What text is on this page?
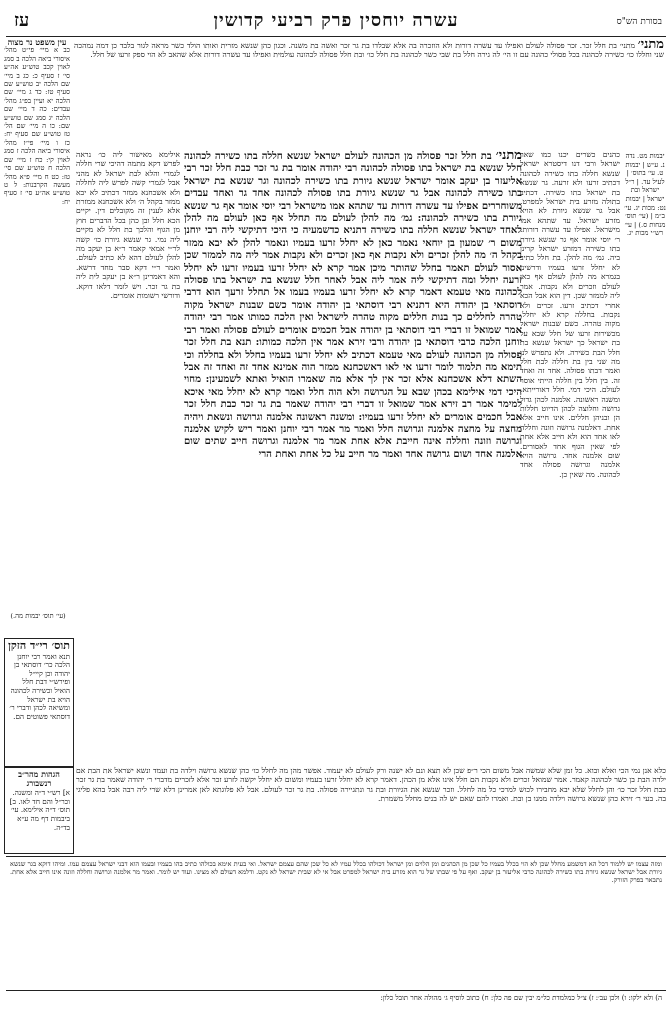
בסורת הש"ס
עשרה יוחסין פרק רביעי קדושין
עז
עין משפט נר מצוה
כב א מיי׳ פי״ט מהל׳ איסורי ביאה הלכה ב סמג לאוין קכב טוש״ע אה״ע סי׳ ז סעיף כ: כג ב מיי׳ שם הלכה יב טוש״ע שם סעיף טז: כד ג מיי׳ שם הלכה יא ועיין בפ״ג מהל׳ עבדים: כה ד מיי׳ שם הלכה יג סמג שם טוש״ע שם: כו ה מיי׳ שם הל׳ טז טוש״ע שם סעיף יח: כז ו מיי׳ פי״ז מהל׳ איסורי ביאה הלכה ז סמג לאוין קי: כח ז מיי׳ שם הלכה ח טוש״ע שם סי׳ טז: כט ח מיי׳ פ״א מהל׳ מעשה הקרבנות: ל ט טוש״ע אה״ע סי׳ ז סעיף יח:
מתני׳ מתני׳ בת חלל זכר. זכר פסולה לעולם ואפילו עד עשרה דורות ולא הוזכרה בה אלא שבלדו בת גר זכר ואשה בת משנה. וכגון כהן שנשא מזרית ואותו הולד כשר מראה לגור בלבד כן דמה נמהכה שני וחללו כו׳ כשירה לכהונה בכל פסולי כהונה עם זו הי׳ לה גירה חלל בת שבי כשר לכהונה בת חלל כו׳ ובת חלל פסולה לכהונה עולמית ואפילו עד עשרה דורות אלא שהאב לא הוי ספק זרעו של חלל.
יבמות מט. נדה נ. ע״ש | יבמות ט. עי׳ בתוס׳ | לעיל עד. | ר״ל ישראל ובת ישראל | יבמות נט: מכות יג. עי׳ ב״מ | (עי׳ תוס׳ מנחות ס.) | עי׳ רש״י מכות יג.
כהנים כשרים יכנו כמו שאר ישראל ורבי דנו דיסטרא ישראל שנשא חללה בתו כשירה לכהונה דכתיב זרעו ולא זרעה. גר שנשא בת ישראל בתו כשירה. דכתיב בתולה מזרע בית ישראל למפרט. אבל גר שנשא גיורת לא הויא מזרע ישראל. עד שתהא אמו מישראל. אפילו עד עשרה דורות. ר׳ יוסי אומר אף גר שנשא גיורת בתו כשירה דמזרע ישראל קרינן ביה. גמ׳ מה להלן. בת חלל כתיב לא יחלל זרעו בעמיו ודרשינן בגמרא מה להלן לעולם אף כאן לעולם וזכרים ולא נקבות. אמר ליה לממזר שכן. דין הוא אבל הכא אחרי דכתיב זרעו. זכרים ולא נקבות. בחללה קרא לא יחלל. מקוה טהרה. כשם שבנות ישראל מכשירות זרעו של חלל שבא על בת ישראל כך ישראל שנשא בת חלל הבת כשירה. ולא נתפרש לנו מה שני בין בת חללה לבת חלל ואמר דבתו פסולה. אחד זה ואחד זה. בין חלל בין חללה הייתי אוסר לעולם. היכי דמי. חלל דאורייתא. ומשנה ראשונה. אלמנה לכהן גדול גרושה וחלוצה לכהן הדיוט חללות הן ובניהן חללים. אינו חייב אלא אחת. דאלמנה גרושה וזונה וחללה לאו אחד הוא ולא חייב אלא אחת לפי שאין הגוף אחד לאסורים. שום אלמנה אחד. גרושה הויא אלמנה וגרושה פסולה אחד לכהונה. מה שאין כן.
מתני׳ בת חלל זכר פסולה מן הכהונה לעולם ישראל שנשא חללה בתו כשירה לכהונה חלל שנשא בת ישראל בתו פסולה לכהונה רבי יהודה אומר בת גר זכר כבת חלל זכר רבי אליעזר בן יעקב אומר ישראל שנשא גיורת בתו כשירה לכהונה וגר שנשא בת ישראל בתו כשירה לכהונה אבל גר שנשא גיורת בתו פסולה לכהונה אחד גר ואחד עבדים משוחררים אפילו עד עשרה דורות עד שתהא אמו מישראל רבי יוסי אומר אף גר שנשא גיורת בתו כשירה לכהונה: גמ׳ מה להלן לעולם מה תחלל אף כאן לעולם מה להלן לאחד ישראל שנשא חללה בתו כשירה דתניא כדשמעיה כי היכי דתיקשי ליה רבי יוחנן משום ר׳ שמעון בן יוחאי נאמר כאן לא יחלל זרעו בעמיו ונאמר להלן לא יבא ממזר בקהל ה׳ מה להלן זכרים ולא נקבות אף כאן זכרים ולא נקבות אמר ליה מה לממזר שכן אסור לעולם תאמר בחלל שהותר מיכן אמר קרא לא יחלל זרעו בעמיו זרעו לא יחלל זרעה יחלל ומה דתיקשי ליה אמר ליה אבל לאחר חלל שנשא בת ישראל בתו פסולה לכהונה מאי טעמא דאמר קרא לא יחלל זרעו בעמיו בעמו אל תחלל זרעך הוא דרבי דוסתאי בן יהודה היא דתניא רבי דוסתאי בן יהודה אומר כשם שבנות ישראל מקוה טהרה לחללים כך בנות חללים מקוה טהרה לישראל ואין הלכה כמותו אמר רבי יהודה אמר שמואל זו דברי רבי דוסתאי בן יהודה אבל חכמים אומרים לעולם פסולה ואמר רבי יוחנן הלכה כרבי דוסתאי בן יהודה ורבי זירא אמר אין הלכה כמותו: תנא בת חלל זכר פסולה מן הכהונה לעולם מאי טעמא דכתיב לא יחלל זרעו בעמיו בחלל ולא בחללה וכי תימא מה תלמוד לומר זרעו אי לאו דאשכחנא ממזר הוה אמינא אחד זה ואחד זה אבל השתא דלא אשכחנא אלא זכר אין לך אלא מה שאמרו הואיל ואתא לשמעינן: מחוי היכי דמי אילימא בכהן שבא על הגרושה ולא הוה חלל ואמר קרא לא יחלל מאי איכא למימר אמר רב זירא אמר שמואל זו דברי רבי יהודה שאמר בת גר זכר כבת חלל זכר אבל חכמים אומרים לא יחלל זרעו בעמיו: ומשנה ראשונה אלמנה וגרושה ונשאת ויהיה מחצה על מחצה אלמנה וגרושה חלל ואמר מר אמר רבי יוחנן ואמר ריש לקיש אלמנה וגרושה וזונה וחללה אינה חייבת אלא אחת אמר מר אלמנה וגרושה חייב שתים שום אלמנה אחד ושום גרושה אחד ואמר מר חייב על כל אחת ואחת הרי
אילימא מאישור ליה כו׳ נראה לפרש דקא מתמה דהיכי שרי חללה לגמרי והלא לבת ישראל לא מהני אבל לגמרי קשה לפרש ליה לחללה ולא אשכחנא ממזר דכתיב לא יבא ממזר בקהל ה׳ ולא אשכחנא ממזרת אלא לענין זה מקובלים דין. יקיים הכא חלל ובן כהן בכל הדברים חוץ מן הגוף והלכך בת חלל לא מקיים ליה נמי. גר שנשא גיורת כו׳ קשה לר״י אמאי קאמר ר״א בן יעקב מה להלן לעולם דהא לא כתיב לעולם. ואמר ר״י דקא סבר מחד דרשא. והא דאמרינן ר״א בן יעקב לית ליה בת גר זכר. ויש לומר דלאו דוקא. ודורשי רשומות אומרים.
(עי׳ תוס׳ יבמות מה.)
תוס׳ רי״ד הזקן
תנא ואמר רבי יוחנן הלכה כר׳ דוסתאי בן יהודה וכן קיי״ל ופירש״י דבת חלל הואיל וכשירה לכהונה הויא בת ישראל ומשיאה לכהן ודברי ר׳ דוסתאי פשוטים הם.
כלא אנן נמי הכי ואלא ובוא. כל זמן שלא שמשה אבל משום הכי ר״פ שכן לא תצא ונם לא ישנה ורק לעולם לא יעמוד. אפשר מהן מה לחלל כו׳ כהן שנשא גרושה וילדה בת ועמד ונשא ישראל את הבת אם ילדה הבת בן כשר לכהונה קאמר. אמר שמואל זכרים ולא נקבות הם חלל אינו אלא מן הכהן. דאמר קרא לא יחלל זרעו בעמיו ומשום לא יחלל יקשה לזרע זכר אלא לזכרים מדברי ר׳ יהודה שאמר בת גר זכר כבת חלל זכר כו׳ והן לחלל שלא יבא מחבירו לכוש למרכי כל מה לחלל. וזכר שנשא את הגיורת ובת גר ונתגיירה פסולה. בת גר זכר לעולם. אבל לא פלוגתא לאן אמרינן דלא שרי ליה רבה אבל בהא פליגי בה. בעי ר׳ זירא כהן שנשא גרושה וילדה ממנו בן ובת. ואמרו להם שאם יש לה בנים מחלל משמרת.
הגהות מהר״ב רנשבורג
א] רש״י ד״ה ומשנה. וכר״ל והם חד לאו. ב] תוס׳ ד״ה אילימא. עי׳ ביבמות דף מה ע״א בד״ה.
ומזה עצמו יש ללמוד דכל הא דמשמע מחלל שכן לא הוי בכלל בעמיו כל שכן מן הכהנים ומן הלוים ומן ישראל דכולהו בכלל עמיו לא כל שכן שהם עצמם ישראל. ואי בעית אימא בכולהו כתיב בהו בעמיו ובעמו הוא דבני ישראל עצמם עמו. ומיהו דוקא בגר שנשא גיורת אבל ישראל שנשא גיורת בתו כשירה לכהונה כרבי אליעזר בן יעקב. ואף על פי שבתו של גר הוא מזרע בית ישראל למפרט אבל אי לא שבית ישראל לא נקט. ודלמא דעולם לא מצינו. ועוד יש לומר. ואמר מר אלמנה וגרושה וחללה וזונה אינו חייב אלא אחת. נתבאר בפרק הזורק.
ה) ולא ילקו: ו) ולכן עב׳: ז) צ״ל כמלמדת כל״מ יבין שם פה כלן: ח) כתוב לוסיף ג׳ מהולה אחר תובל כלון:
